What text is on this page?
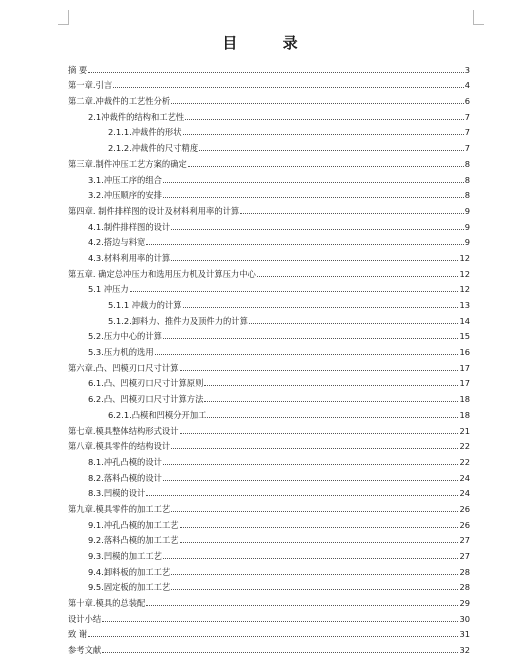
目 录
摘 要	3
第一章.引言	4
第二章.冲裁件的工艺性分析	6
2.1冲裁件的结构和工艺性	7
2.1.1.冲裁件的形状	7
2.1.2.冲裁件的尺寸精度	7
第三章.制件冲压工艺方案的确定	8
3.1.冲压工序的组合	8
3.2.冲压顺序的安排	8
第四章. 制件排样图的设计及材料利用率的计算	9
4.1.制件排样图的设计	9
4.2.搭边与料宽	9
4.3.材料利用率的计算	12
第五章. 确定总冲压力和选用压力机及计算压力中心	12
5.1 冲压力	12
5.1.1 冲裁力的计算	13
5.1.2.卸料力、推件力及顶件力的计算	14
5.2.压力中心的计算	15
5.3.压力机的选用	16
第六章.凸、凹模刃口尺寸计算	17
6.1.凸、凹模刃口尺寸计算原则	17
6.2.凸、凹模刃口尺寸计算方法	18
6.2.1.凸模和凹模分开加工	18
第七章.模具整体结构形式设计	21
第八章.模具零件的结构设计	22
8.1.冲孔凸模的设计	22
8.2.落料凸模的设计	24
8.3.凹模的设计	24
第九章.模具零件的加工工艺	26
9.1.冲孔凸模的加工工艺	26
9.2.落料凸模的加工工艺	27
9.3.凹模的加工工艺	27
9.4.卸料板的加工工艺	28
9.5.固定板的加工工艺	28
第十章.模具的总装配	29
设计小结	30
致 谢	31
参考文献	32
